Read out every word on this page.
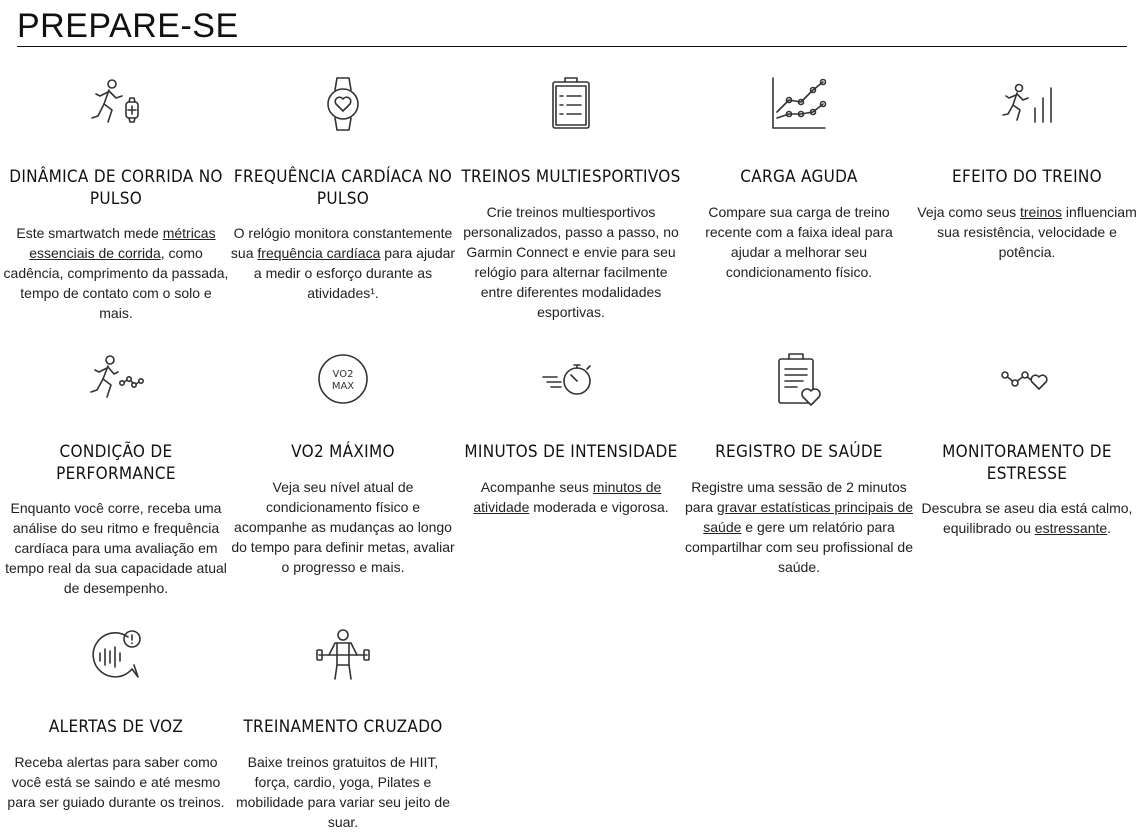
PREPARE-SE
DINÂMICA DE CORRIDA NO PULSO

Este smartwatch mede métricas essenciais de corrida, como cadência, comprimento da passada, tempo de contato com o solo e mais.

FREQUÊNCIA CARDÍACA NO PULSO

O relógio monitora constantemente sua frequência cardíaca para ajudar a medir o esforço durante as atividades¹.

TREINOS MULTIESPORTIVOS

Crie treinos multiesportivos personalizados, passo a passo, no Garmin Connect e envie para seu relógio para alternar facilmente entre diferentes modalidades esportivas.

CARGA AGUDA

Compare sua carga de treino recente com a faixa ideal para ajudar a melhorar seu condicionamento físico.

EFEITO DO TREINO

Veja como seus treinos influenciam sua resistência, velocidade e potência.

CONDIÇÃO DE PERFORMANCE

Enquanto você corre, receba uma análise do seu ritmo e frequência cardíaca para uma avaliação em tempo real da sua capacidade atual de desempenho.

VO2
MAX
VO2 MÁXIMO

Veja seu nível atual de condicionamento físico e acompanhe as mudanças ao longo do tempo para definir metas, avaliar o progresso e mais.

MINUTOS DE INTENSIDADE

Acompanhe seus minutos de atividade moderada e vigorosa.

REGISTRO DE SAÚDE

Registre uma sessão de 2 minutos para gravar estatísticas principais de saúde e gere um relatório para compartilhar com seu profissional de saúde.

MONITORAMENTO DE ESTRESSE

Descubra se aseu dia está calmo, equilibrado ou estressante.

ALERTAS DE VOZ

Receba alertas para saber como você está se saindo e até mesmo para ser guiado durante os treinos.

TREINAMENTO CRUZADO

Baixe treinos gratuitos de HIIT, força, cardio, yoga, Pilates e mobilidade para variar seu jeito de suar.
